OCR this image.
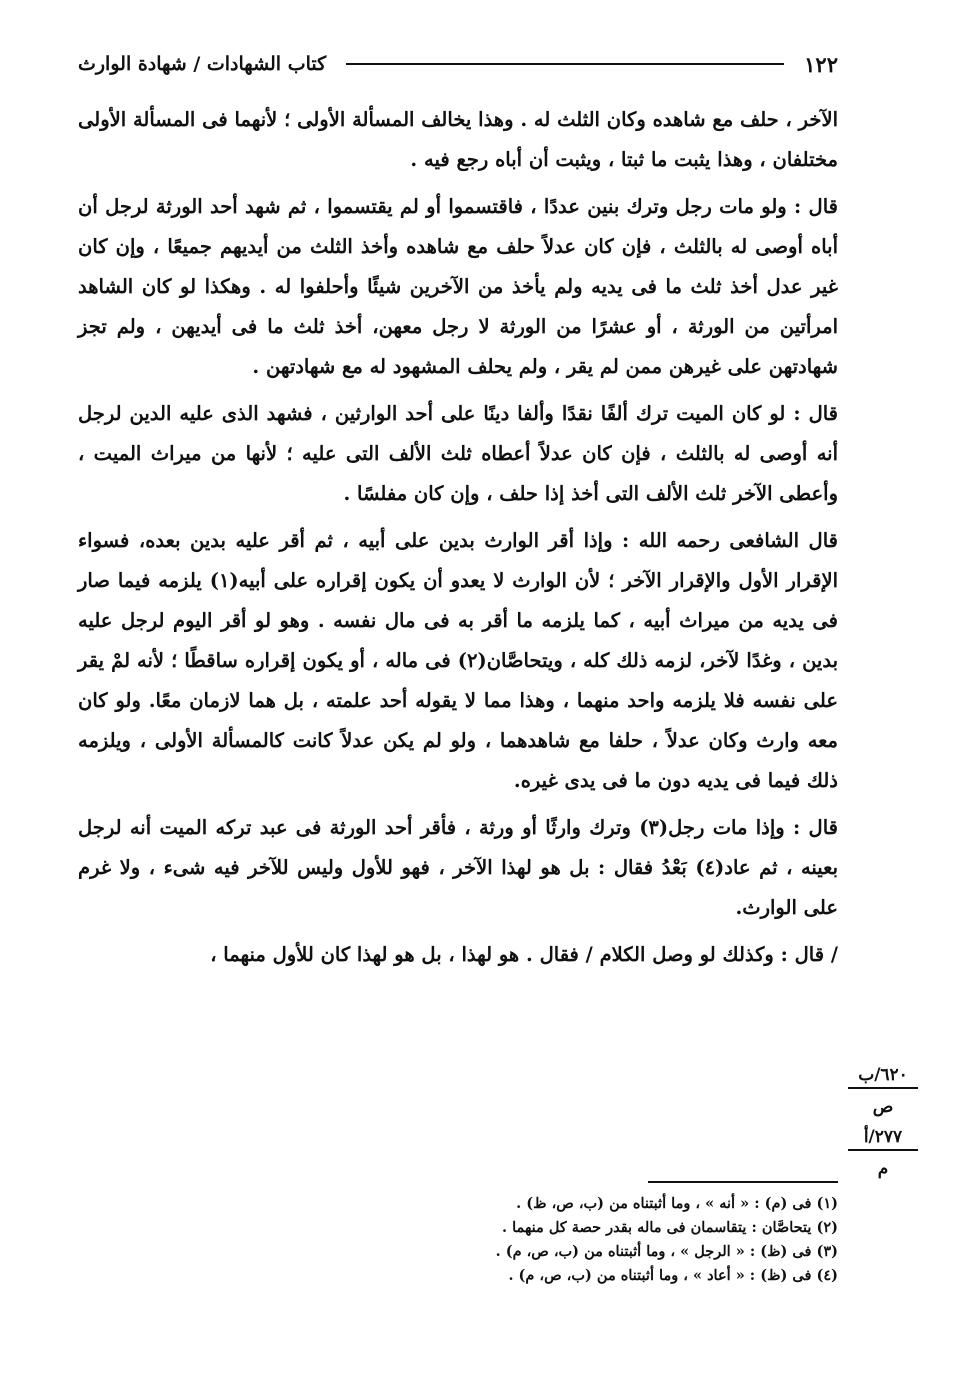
١٢٢
كتاب الشهادات / شهادة الوارث

الآخر ، حلف مع شاهده وكان الثلث له . وهذا يخالف المسألة الأولى ؛ لأنهما فى المسألة الأولى مختلفان ، وهذا يثبت ما ثبتا ، ويثبت أن أباه رجع فيه .

قال : ولو مات رجل وترك بنين عددًا ، فاقتسموا أو لم يقتسموا ، ثم شهد أحد الورثة لرجل أن أباه أوصى له بالثلث ، فإن كان عدلاً حلف مع شاهده وأخذ الثلث من أيديهم جميعًا ، وإن كان غير عدل أخذ ثلث ما فى يديه ولم يأخذ من الآخرين شيئًا وأحلفوا له . وهكذا لو كان الشاهد امرأتين من الورثة ، أو عشرًا من الورثة لا رجل معهن، أخذ ثلث ما فى أيديهن ، ولم تجز شهادتهن على غيرهن ممن لم يقر ، ولم يحلف المشهود له مع شهادتهن .

قال : لو كان الميت ترك ألفًا نقدًا وألفا دينًا على أحد الوارثين ، فشهد الذى عليه الدين لرجل أنه أوصى له بالثلث ، فإن كان عدلاً أعطاه ثلث الألف التى عليه ؛ لأنها من ميراث الميت ، وأعطى الآخر ثلث الألف التى أخذ إذا حلف ، وإن كان مفلسًا .

قال الشافعى رحمه الله : وإذا أقر الوارث بدين على أبيه ، ثم أقر عليه بدين بعده، فسواء الإقرار الأول والإقرار الآخر ؛ لأن الوارث لا يعدو أن يكون إقراره على أبيه(١) يلزمه فيما صار فى يديه من ميراث أبيه ، كما يلزمه ما أقر به فى مال نفسه . وهو لو أقر اليوم لرجل عليه بدين ، وغدًا لآخر، لزمه ذلك كله ، ويتحاصَّان(٢) فى ماله ، أو يكون إقراره ساقطًا ؛ لأنه لمْ يقر على نفسه فلا يلزمه واحد منهما ، وهذا مما لا يقوله أحد علمته ، بل هما لازمان معًا. ولو كان معه وارث وكان عدلاً ، حلفا مع شاهدهما ، ولو لم يكن عدلاً كانت كالمسألة الأولى ، ويلزمه ذلك فيما فى يديه دون ما فى يدى غيره.

قال : وإذا مات رجل(٣) وترك وارثًا أو ورثة ، فأقر أحد الورثة فى عبد تركه الميت أنه لرجل بعينه ، ثم عاد(٤) بَعْدُ فقال : بل هو لهذا الآخر ، فهو للأول وليس للآخر فيه شىء ، ولا غرم على الوارث.

/ قال : وكذلك لو وصل الكلام / فقال . هو لهذا ، بل هو لهذا كان للأول منهما ،

٦٢٠/ب
ص
٢٧٧/أ
م
(١) فى (م) : « أنه » ، وما أثبتناه من (ب، ص، ظ) .
(٢) يتحاصَّان : يتقاسمان فى ماله بقدر حصة كل منهما .
(٣) فى (ظ) : « الرجل » ، وما أثبتناه من (ب، ص، م) .
(٤) فى (ظ) : « أعاد » ، وما أثبتناه من (ب، ص، م) .
